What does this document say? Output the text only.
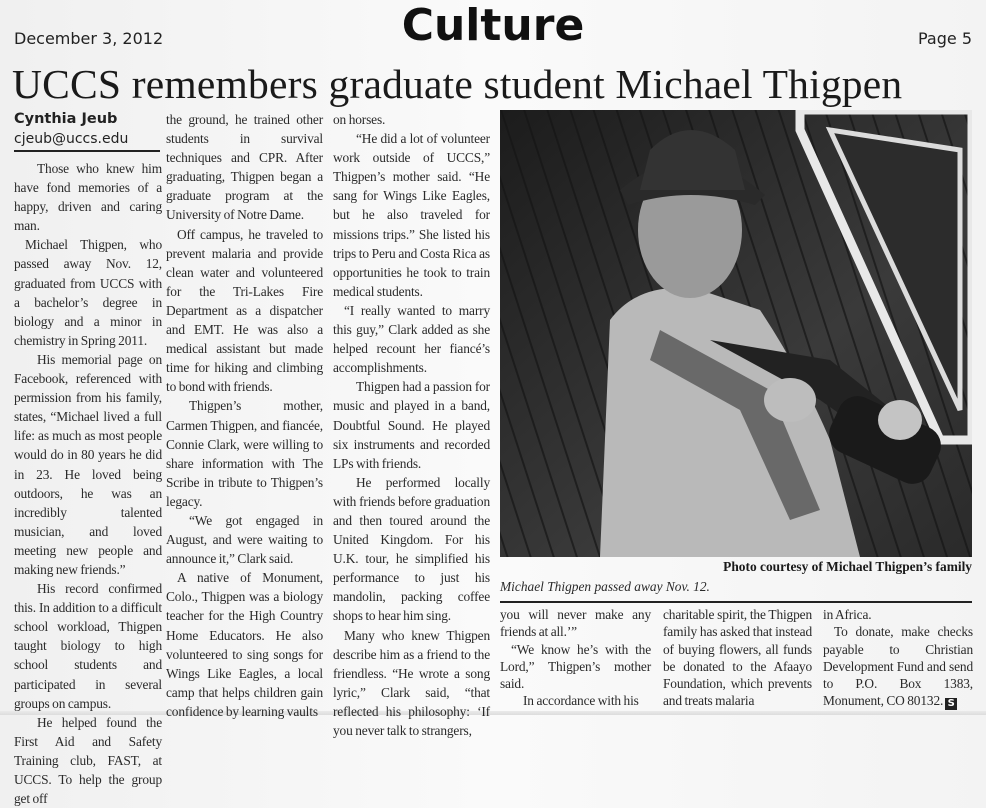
December 3, 2012	Culture	Page 5
UCCS remembers graduate student Michael Thigpen
Cynthia Jeub
cjeub@uccs.edu

Those who knew him have fond memories of a happy, driven and caring man.

Michael Thigpen, who passed away Nov. 12, graduated from UCCS with a bachelor’s degree in biology and a minor in chemistry in Spring 2011.

His memorial page on Facebook, referenced with permission from his family, states, “Michael lived a full life: as much as most people would do in 80 years he did in 23. He loved being outdoors, he was an incredibly talented musician, and loved meeting new people and making new friends.”

His record confirmed this. In addition to a difficult school workload, Thigpen taught biology to high school students and participated in several groups on campus.

He helped found the First Aid and Safety Training club, FAST, at UCCS. To help the group get off

the ground, he trained other students in survival techniques and CPR. After graduating, Thigpen began a graduate program at the University of Notre Dame.

Off campus, he traveled to prevent malaria and provide clean water and volunteered for the Tri-Lakes Fire Department as a dispatcher and EMT. He was also a medical assistant but made time for hiking and climbing to bond with friends.

Thigpen’s mother, Carmen Thigpen, and fiancée, Connie Clark, were willing to share information with The Scribe in tribute to Thigpen’s legacy.

“We got engaged in August, and were waiting to announce it,” Clark said.

A native of Monument, Colo., Thigpen was a biology teacher for the High Country Home Educators. He also volunteered to sing songs for Wings Like Eagles, a local camp that helps children gain confidence by learning vaults

on horses.

“He did a lot of volunteer work outside of UCCS,” Thigpen’s mother said. “He sang for Wings Like Eagles, but he also traveled for missions trips.” She listed his trips to Peru and Costa Rica as opportunities he took to train medical students.

“I really wanted to marry this guy,” Clark added as she helped recount her fiancé’s accomplishments.

Thigpen had a passion for music and played in a band, Doubtful Sound. He played six instruments and recorded LPs with friends.

He performed locally with friends before graduation and then toured around the United Kingdom. For his U.K. tour, he simplified his performance to just his mandolin, packing coffee shops to hear him sing.

Many who knew Thigpen describe him as a friend to the friendless. “He wrote a song lyric,” Clark said, “that reflected his philosophy: ‘If you never talk to strangers,

Photo courtesy of Michael Thigpen’s family
Michael Thigpen passed away Nov. 12.

you will never make any friends at all.’”

“We know he’s with the Lord,” Thigpen’s mother said.

In accordance with his

charitable spirit, the Thigpen family has asked that instead of buying flowers, all funds be donated to the Afaayo Foundation, which prevents and treats malaria

in Africa.

To donate, make checks payable to Christian Development Fund and send to P.O. Box 1383, Monument, CO 80132. S
